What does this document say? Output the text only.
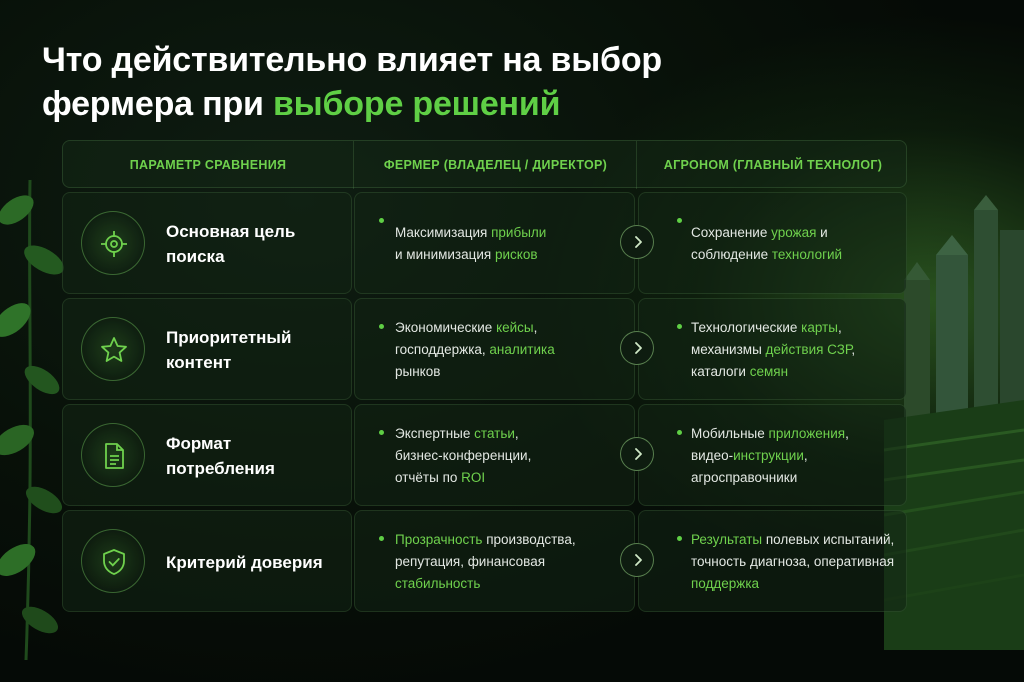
Что действительно влияет на выбор
фермера при выборе решений
ПАРАМЕТР СРАВНЕНИЯ	ФЕРМЕР (ВЛАДЕЛЕЦ / ДИРЕКТОР)	АГРОНОМ (ГЛАВНЫЙ ТЕХНОЛОГ)
Основная цель поиска
Максимизация прибыли
и минимизация рисков
Сохранение урожая и
соблюдение технологий
Приоритетный контент
Экономические кейсы,
господдержка, аналитика
рынков
Технологические карты,
механизмы действия СЗР,
каталоги семян
Формат потребления
Экспертные статьи,
бизнес-конференции,
отчёты по ROI
Мобильные приложения,
видео-инструкции,
агросправочники
Критерий доверия
Прозрачность производства,
репутация, финансовая
стабильность
Результаты полевых испытаний,
точность диагноза, оперативная
поддержка
